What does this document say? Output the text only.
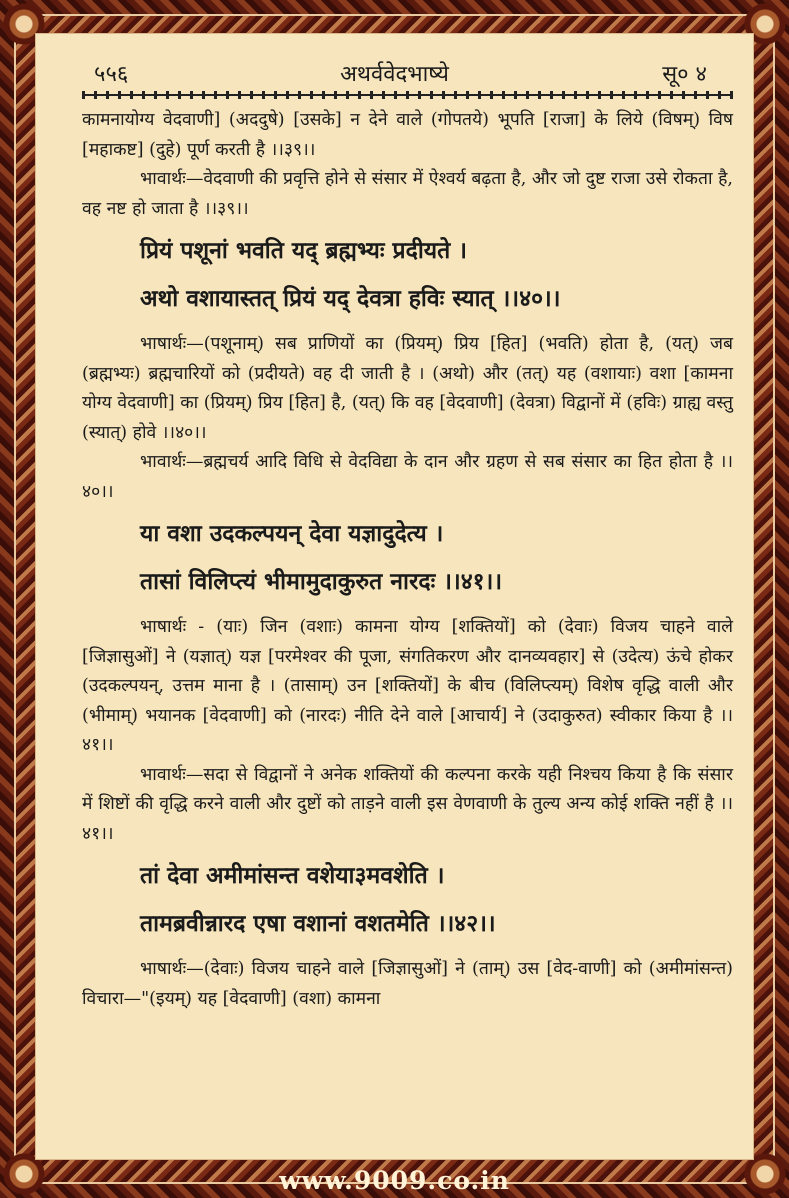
५५६	अथर्ववेदभाष्ये	सू० ४

कामनायोग्य वेदवाणी] (अददुषे) [उसके] न देने वाले (गोपतये) भूपति [राजा] के लिये (विषम्) विष [महाकष्ट] (दुहे) पूर्ण करती है ।।३९।।

भावार्थः—वेदवाणी की प्रवृत्ति होने से संसार में ऐश्वर्य बढ़ता है, और जो दुष्ट राजा उसे रोकता है, वह नष्ट हो जाता है ।।३९।।

प्रियं पशूनां भवति यद् ब्रह्मभ्यः प्रदीयते ।

अथो वशायास्तत् प्रियं यद् देवत्रा हविः स्यात् ।।४०।।

भाषार्थः—(पशूनाम्) सब प्राणियों का (प्रियम्) प्रिय [हित] (भवति) होता है, (यत्) जब (ब्रह्मभ्यः) ब्रह्मचारियों को (प्रदीयते) वह दी जाती है । (अथो) और (तत्) यह (वशायाः) वशा [कामना योग्य वेदवाणी] का (प्रियम्) प्रिय [हित] है, (यत्) कि वह [वेदवाणी] (देवत्रा) विद्वानों में (हविः) ग्राह्य वस्तु (स्यात्) होवे ।।४०।।

भावार्थः—ब्रह्मचर्य आदि विधि से वेदविद्या के दान और ग्रहण से सब संसार का हित होता है ।।४०।।

या वशा उदकल्पयन् देवा यज्ञादुदेत्य ।

तासां विलिप्त्यं भीमामुदाकुरुत नारदः ।।४१।।

भाषार्थः - (याः) जिन (वशाः) कामना योग्य [शक्तियों] को (देवाः) विजय चाहने वाले [जिज्ञासुओं] ने (यज्ञात्) यज्ञ [परमेश्वर की पूजा, संगतिकरण और दानव्यवहार] से (उदेत्य) ऊंचे होकर (उदकल्पयन्, उत्तम माना है । (तासाम्) उन [शक्तियों] के बीच (विलिप्त्यम्) विशेष वृद्धि वाली और (भीमाम्) भयानक [वेदवाणी] को (नारदः) नीति देने वाले [आचार्य] ने (उदाकुरुत) स्वीकार किया है ।।४१।।

भावार्थः—सदा से विद्वानों ने अनेक शक्तियों की कल्पना करके यही निश्चय किया है कि संसार में शिष्टों की वृद्धि करने वाली और दुष्टों को ताड़ने वाली इस वेणवाणी के तुल्य अन्य कोई शक्ति नहीं है ।।४१।।

तां देवा अमीमांसन्त वशेया३मवशेति ।

तामब्रवीन्नारद एषा वशानां वशतमेति ।।४२।।

भाषार्थः—(देवाः) विजय चाहने वाले [जिज्ञासुओं] ने (ताम्) उस [वेद-वाणी] को (अमीमांसन्त) विचारा—"(इयम्) यह [वेदवाणी] (वशा) कामना

www.9009.co.in
